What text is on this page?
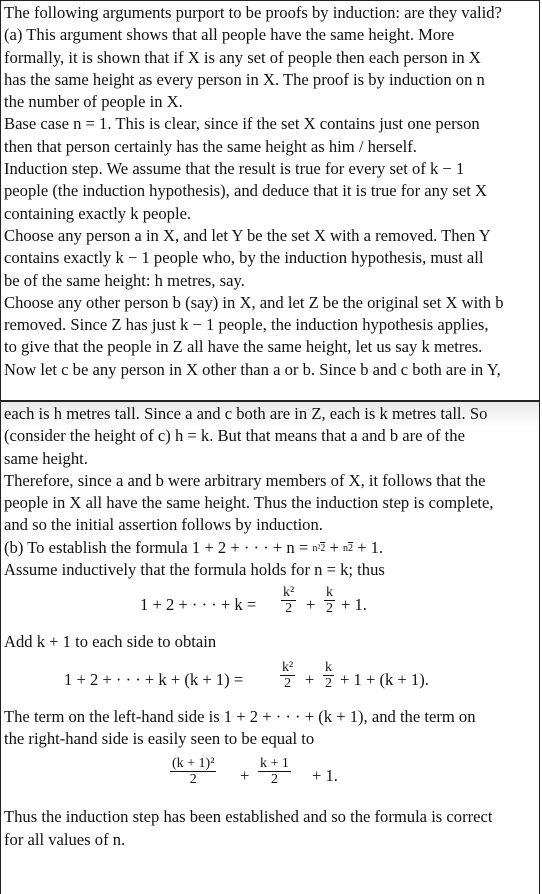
The following arguments purport to be proofs by induction: are they valid?
(a) This argument shows that all people have the same height. More
formally, it is shown that if X is any set of people then each person in X
has the same height as every person in X. The proof is by induction on n
the number of people in X.
Base case n = 1. This is clear, since if the set X contains just one person
then that person certainly has the same height as him / herself.
Induction step. We assume that the result is true for every set of k − 1
people (the induction hypothesis), and deduce that it is true for any set X
containing exactly k people.
Choose any person a in X, and let Y be the set X with a removed. Then Y
contains exactly k − 1 people who, by the induction hypothesis, must all
be of the same height: h metres, say.
Choose any other person b (say) in X, and let Z be the original set X with b
removed. Since Z has just k − 1 people, the induction hypothesis applies,
to give that the people in Z all have the same height, let us say k metres.
Now let c be any person in X other than a or b. Since b and c both are in Y,

each is h metres tall. Since a and c both are in Z, each is k metres tall. So
(consider the height of c) h = k. But that means that a and b are of the
same height.
Therefore, since a and b were arbitrary members of X, it follows that the
people in X all have the same height. Thus the induction step is complete,
and so the initial assertion follows by induction.
(b) To establish the formula 1 + 2 + · · · + n = n²2 + n2 + 1.
Assume inductively that the formula holds for n = k; thus

1 + 2 + · · · + $k = \frac{\text{k²}}{2} + \frac{k}{2} + 1$.

Add k + 1 to each side to obtain

1 + 2 + · · · + k + (k + 1) =	$\frac{\text{k²}}{2} + \frac{k}{2} + 1 + (k + 1)$.

The term on the left-hand side is 1 + 2 + · · · + (k + 1), and the term on
the right-hand side is easily seen to be equal to

$\frac{\text{(k + 1)²}}{2} + \frac{k + 1}{2} + 1$.

Thus the induction step has been established and so the formula is correct
for all values of n.
